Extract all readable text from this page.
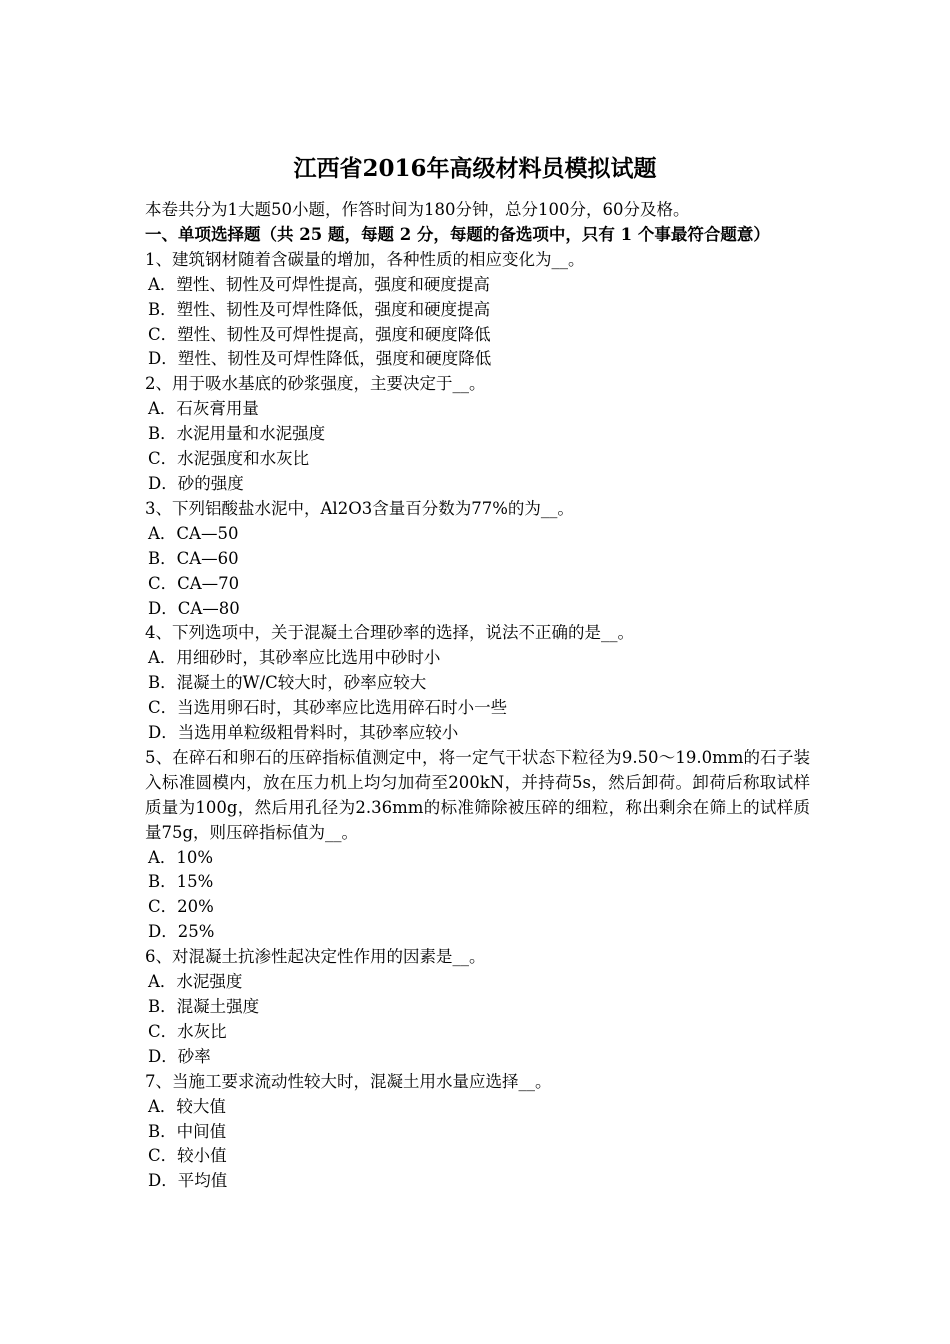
江西省2016年高级材料员模拟试题
本卷共分为1大题50小题，作答时间为180分钟，总分100分，60分及格。
一、单项选择题（共 25 题，每题 2 分，每题的备选项中，只有 1 个事最符合题意）
1、建筑钢材随着含碳量的增加，各种性质的相应变化为__。
A．塑性、韧性及可焊性提高，强度和硬度提高
B．塑性、韧性及可焊性降低，强度和硬度提高
C．塑性、韧性及可焊性提高，强度和硬度降低
D．塑性、韧性及可焊性降低，强度和硬度降低
2、用于吸水基底的砂浆强度，主要决定于__。
A．石灰膏用量
B．水泥用量和水泥强度
C．水泥强度和水灰比
D．砂的强度
3、下列铝酸盐水泥中，Al2O3含量百分数为77%的为__。
A．CA—50
B．CA—60
C．CA—70
D．CA—80
4、下列选项中，关于混凝土合理砂率的选择，说法不正确的是__。
A．用细砂时，其砂率应比选用中砂时小
B．混凝土的W/C较大时，砂率应较大
C．当选用卵石时，其砂率应比选用碎石时小一些
D．当选用单粒级粗骨料时，其砂率应较小
5、在碎石和卵石的压碎指标值测定中，将一定气干状态下粒径为9.50～19.0mm的石子装入标准圆模内，放在压力机上均匀加荷至200kN，并持荷5s，然后卸荷。卸荷后称取试样质量为100g，然后用孔径为2.36mm的标准筛除被压碎的细粒，称出剩余在筛上的试样质量75g，则压碎指标值为__。
A．10%
B．15%
C．20%
D．25%
6、对混凝土抗渗性起决定性作用的因素是__。
A．水泥强度
B．混凝土强度
C．水灰比
D．砂率
7、当施工要求流动性较大时，混凝土用水量应选择__。
A．较大值
B．中间值
C．较小值
D．平均值
